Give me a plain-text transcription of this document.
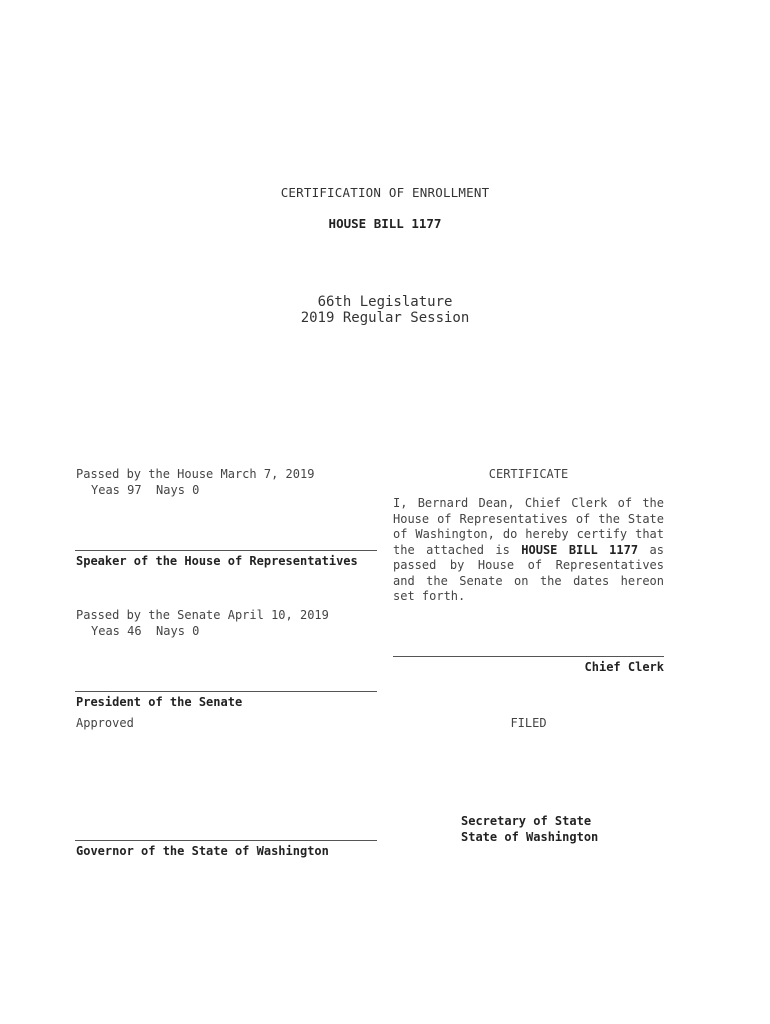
CERTIFICATION OF ENROLLMENT
HOUSE BILL 1177
66th Legislature
2019 Regular Session
Passed by the House March 7, 2019
Yeas 97  Nays 0
Speaker of the House of Representatives
Passed by the Senate April 10, 2019
Yeas 46  Nays 0
President of the Senate
Approved
Governor of the State of Washington
CERTIFICATE
I, Bernard Dean, Chief Clerk of the House of Representatives of the State of Washington, do hereby certify that the attached is HOUSE BILL 1177 as passed by House of Representatives and the Senate on the dates hereon set forth.
Chief Clerk
FILED
Secretary of State
State of Washington
